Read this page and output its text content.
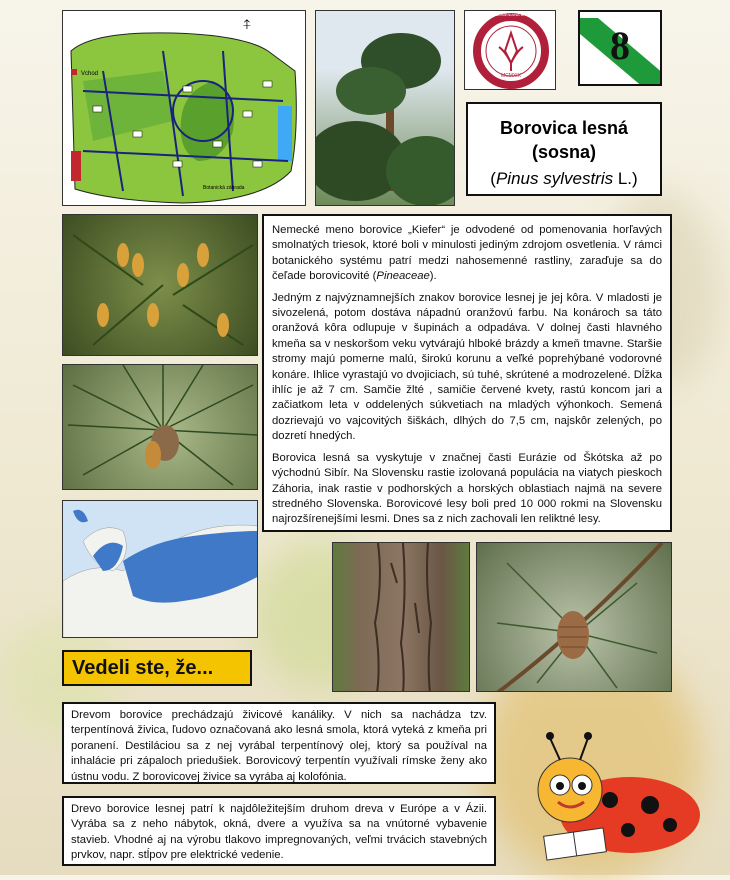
Vchod
Botanická záhrada
⍏
UNIVERSITAS COMENIANA BRATISLAVENSIS
MCMXIX
8
Borovica lesná
(sosna)
(Pinus sylvestris L.)

Nemecké meno borovice „Kiefer“ je odvodené od pomenovania horľavých smolnatých triesok, ktoré boli v minulosti jediným zdrojom osvetlenia. V rámci botanického systému patrí medzi nahosemenné rastliny, zaraďuje sa do čeľade borovicovité (Pineaceae).

Jedným z najvýznamnejších znakov borovice lesnej je jej kôra. V mladosti je sivozelená, potom dostáva nápadnú oranžovú farbu. Na konároch sa táto oranžová kôra odlupuje v šupinách a odpadáva. V dolnej časti hlavného kmeňa sa v neskoršom veku vytvárajú hlboké brázdy a kmeň tmavne. Staršie stromy majú pomerne malú, širokú korunu a veľké poprehýbané vodorovné konáre. Ihlice vyrastajú vo dvojiciach, sú tuhé, skrútené a modrozelené. Dĺžka ihlíc je až 7 cm. Samčie žlté , samičie červené kvety, rastú koncom jari a začiatkom leta v oddelených súkvetiach na mladých výhonkoch. Semená dozrievajú vo vajcovitých šiškách, dlhých do 7,5 cm, najskôr zelených, po dozretí hnedých.

Borovica lesná sa vyskytuje v značnej časti Eurázie od Škótska až po východnú Sibír. Na Slovensku rastie izolovaná populácia na viatych pieskoch Záhoria, inak rastie v podhorských a horských oblastiach najmä na severe stredného Slovenska. Borovicové lesy boli pred 10 000 rokmi na Slovensku najrozšírenejšími lesmi. Dnes sa z nich zachovali len reliktné lesy.

Vedeli ste, že...

Drevom borovice prechádzajú živicové kanáliky. V nich sa nachádza tzv. terpentínová živica, ľudovo označovaná ako lesná smola, ktorá vyteká z kmeňa pri poranení. Destiláciou sa z nej vyrábal terpentínový olej, ktorý sa používal na inhalácie pri zápaloch priedušiek. Borovicový terpentín využívali rímske ženy ako ústnu vodu. Z borovicovej živice sa vyrába aj kolofónia.

Drevo borovice lesnej patrí k najdôležitejším druhom dreva v Európe a v Ázii. Vyrába sa z neho nábytok, okná, dvere a využíva sa na vnútorné vybavenie stavieb. Vhodné aj na výrobu tlakovo impregnovaných, veľmi trvácich stavebných prvkov, napr. stĺpov pre elektrické vedenie.
